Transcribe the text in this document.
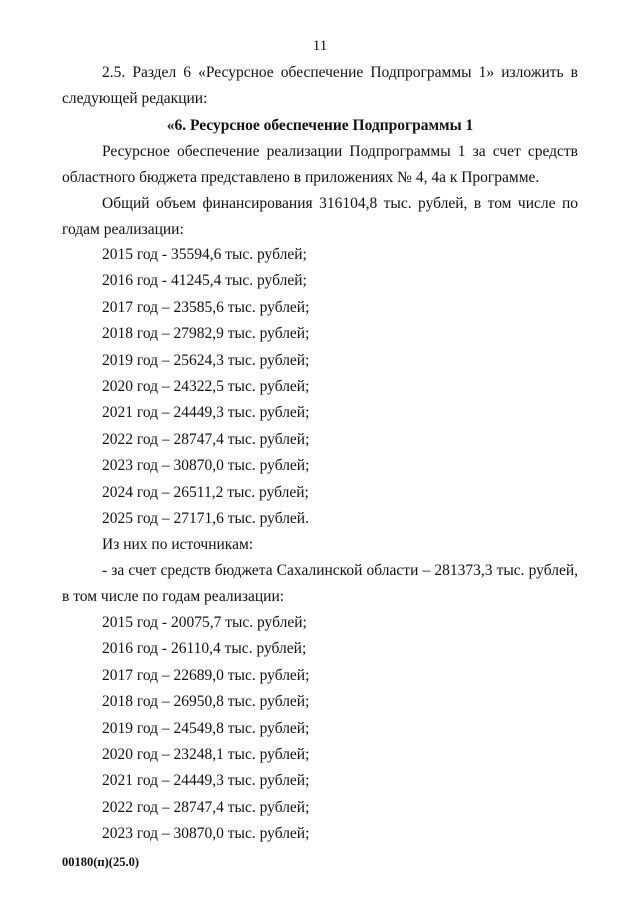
11
2.5. Раздел 6 «Ресурсное обеспечение Подпрограммы 1» изложить в
следующей редакции:
«6. Ресурсное обеспечение Подпрограммы 1
Ресурсное обеспечение реализации Подпрограммы 1 за счет средств
областного бюджета представлено в приложениях № 4, 4а к Программе.
Общий объем финансирования 316104,8 тыс. рублей, в том числе по
годам реализации:
2015 год - 35594,6 тыс. рублей;
2016 год - 41245,4 тыс. рублей;
2017 год – 23585,6 тыс. рублей;
2018 год – 27982,9 тыс. рублей;
2019 год – 25624,3 тыс. рублей;
2020 год – 24322,5 тыс. рублей;
2021 год – 24449,3 тыс. рублей;
2022 год – 28747,4 тыс. рублей;
2023 год – 30870,0 тыс. рублей;
2024 год – 26511,2 тыс. рублей;
2025 год – 27171,6 тыс. рублей.
Из них по источникам:
- за счет средств бюджета Сахалинской области – 281373,3 тыс. рублей,
в том числе по годам реализации:
2015 год - 20075,7 тыс. рублей;
2016 год - 26110,4 тыс. рублей;
2017 год – 22689,0 тыс. рублей;
2018 год – 26950,8 тыс. рублей;
2019 год – 24549,8 тыс. рублей;
2020 год – 23248,1 тыс. рублей;
2021 год – 24449,3 тыс. рублей;
2022 год – 28747,4 тыс. рублей;
2023 год – 30870,0 тыс. рублей;
00180(п)(25.0)
